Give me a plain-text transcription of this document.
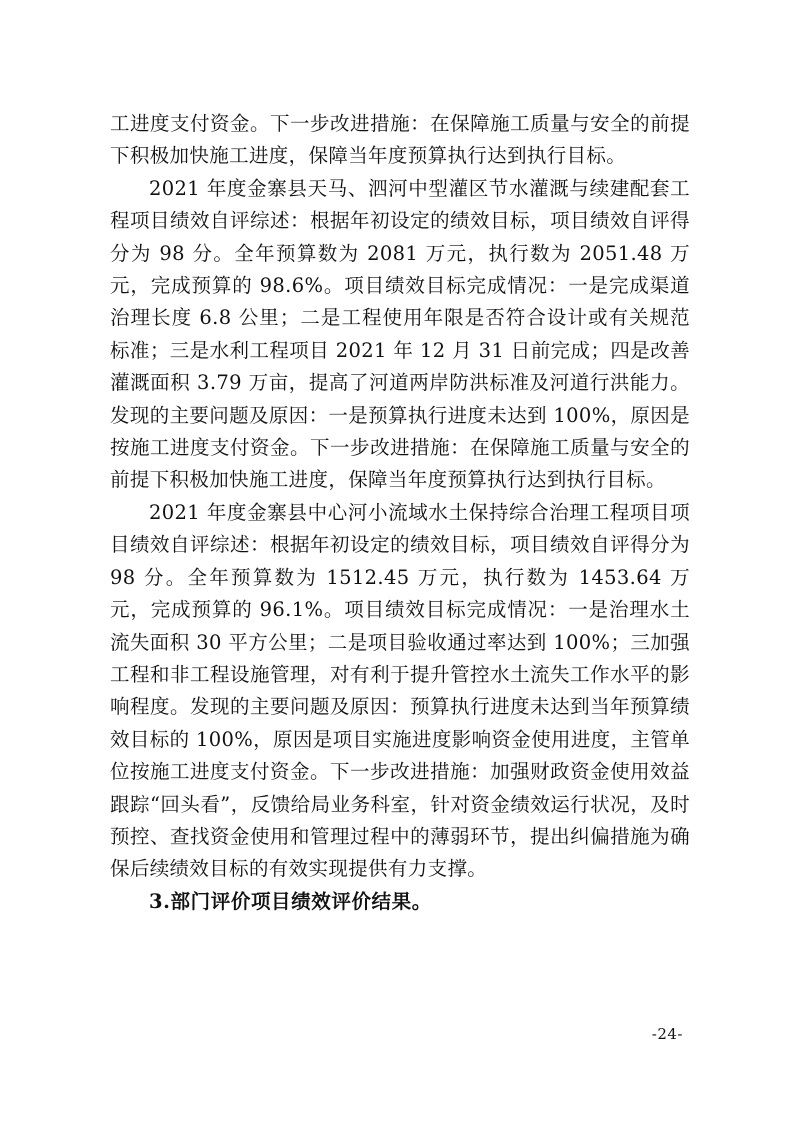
工进度支付资金。下一步改进措施：在保障施工质量与安全的前提下积极加快施工进度，保障当年度预算执行达到执行目标。

2021 年度金寨县天马、泗河中型灌区节水灌溉与续建配套工程项目绩效自评综述：根据年初设定的绩效目标，项目绩效自评得分为 98 分。全年预算数为 2081 万元，执行数为 2051.48 万元，完成预算的 98.6%。项目绩效目标完成情况：一是完成渠道治理长度 6.8 公里；二是工程使用年限是否符合设计或有关规范标准；三是水利工程项目 2021 年 12 月 31 日前完成；四是改善灌溉面积 3.79 万亩，提高了河道两岸防洪标准及河道行洪能力。发现的主要问题及原因：一是预算执行进度未达到 100%，原因是按施工进度支付资金。下一步改进措施：在保障施工质量与安全的前提下积极加快施工进度，保障当年度预算执行达到执行目标。

2021 年度金寨县中心河小流域水土保持综合治理工程项目项目绩效自评综述：根据年初设定的绩效目标，项目绩效自评得分为 98 分。全年预算数为 1512.45 万元，执行数为 1453.64 万元，完成预算的 96.1%。项目绩效目标完成情况：一是治理水土流失面积 30 平方公里；二是项目验收通过率达到 100%；三加强工程和非工程设施管理，对有利于提升管控水土流失工作水平的影响程度。发现的主要问题及原因：预算执行进度未达到当年预算绩效目标的 100%，原因是项目实施进度影响资金使用进度，主管单位按施工进度支付资金。下一步改进措施：加强财政资金使用效益跟踪“回头看”，反馈给局业务科室，针对资金绩效运行状况，及时预控、查找资金使用和管理过程中的薄弱环节，提出纠偏措施为确保后续绩效目标的有效实现提供有力支撑。

3.部门评价项目绩效评价结果。

-24-
